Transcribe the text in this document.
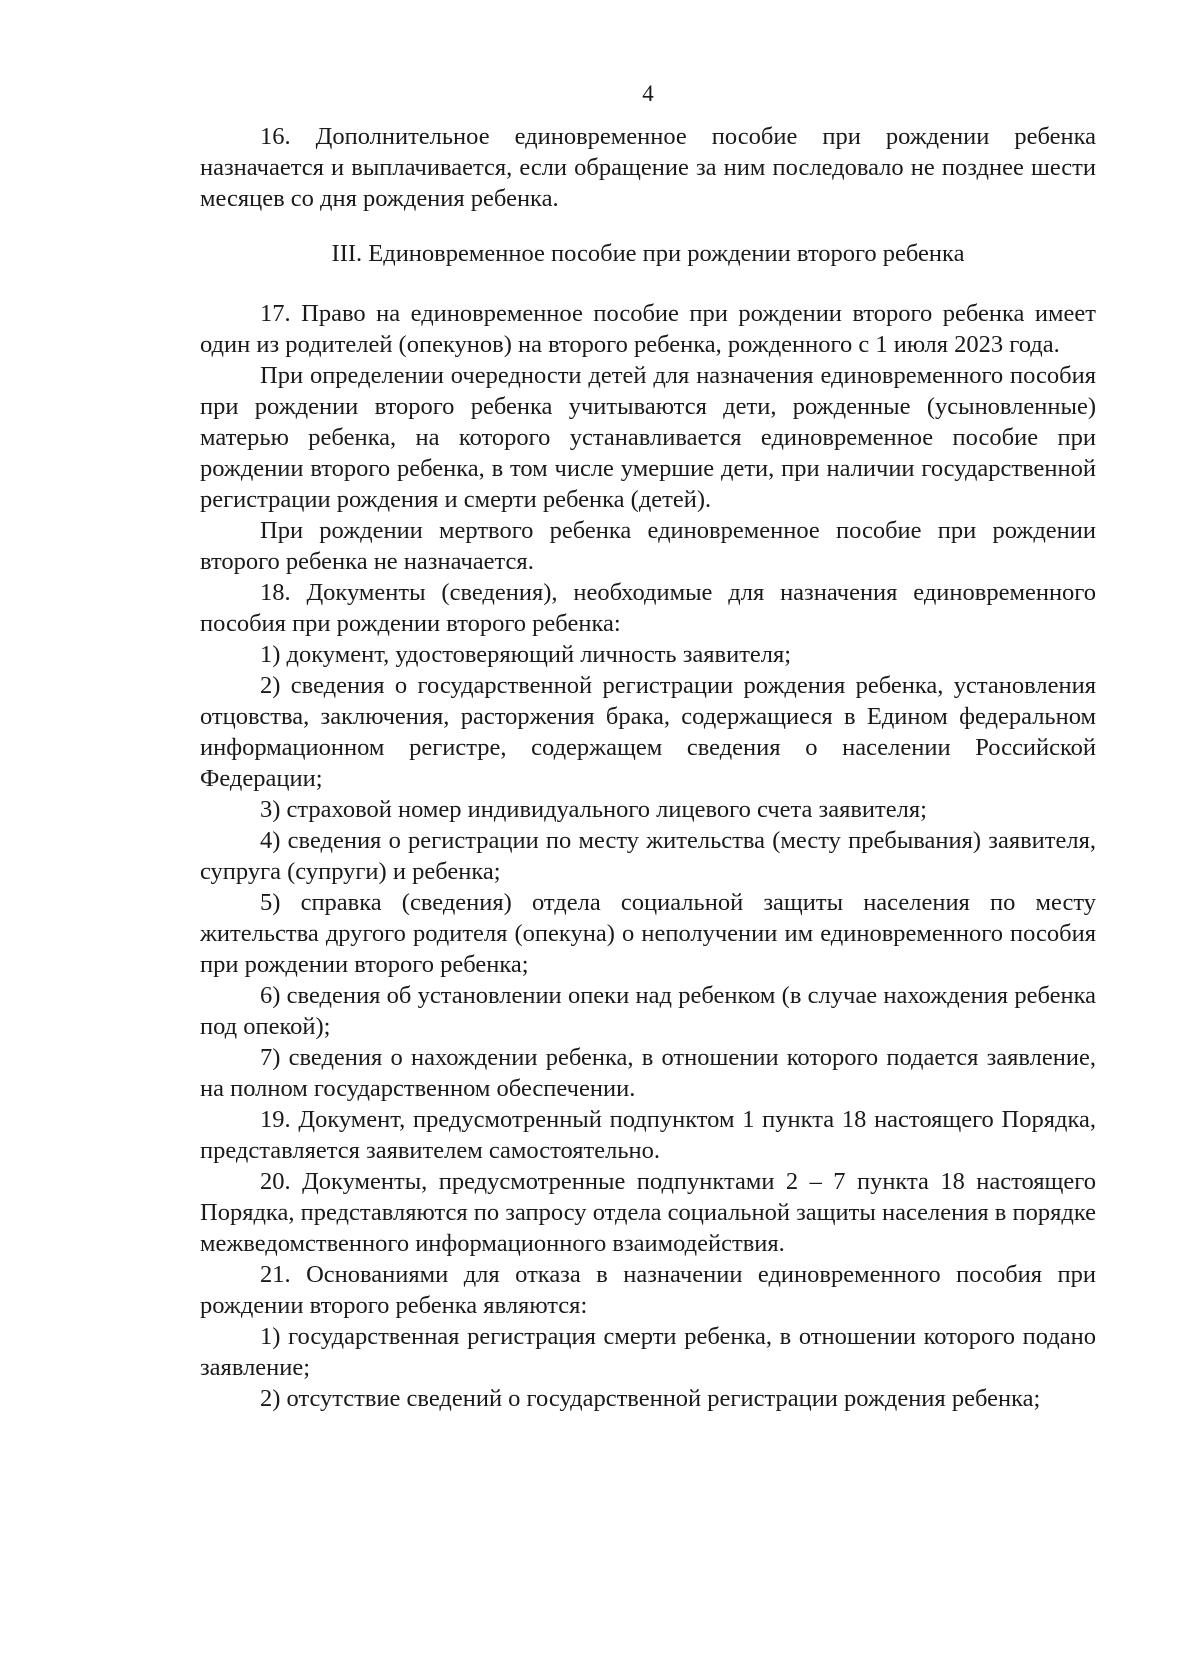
4

16. Дополнительное единовременное пособие при рождении ребенка назначается и выплачивается, если обращение за ним последовало не позднее шести месяцев со дня рождения ребенка.

III. Единовременное пособие при рождении второго ребенка

17. Право на единовременное пособие при рождении второго ребенка имеет один из родителей (опекунов) на второго ребенка, рожденного с 1 июля 2023 года.

При определении очередности детей для назначения единовременного пособия при рождении второго ребенка учитываются дети, рожденные (усыновленные) матерью ребенка, на которого устанавливается единовременное пособие при рождении второго ребенка, в том числе умершие дети, при наличии государственной регистрации рождения и смерти ребенка (детей).

При рождении мертвого ребенка единовременное пособие при рождении второго ребенка не назначается.

18. Документы (сведения), необходимые для назначения единовременного пособия при рождении второго ребенка:

1) документ, удостоверяющий личность заявителя;

2) сведения о государственной регистрации рождения ребенка, установления отцовства, заключения, расторжения брака, содержащиеся в Едином федеральном информационном регистре, содержащем сведения о населении Российской Федерации;

3) страховой номер индивидуального лицевого счета заявителя;

4) сведения о регистрации по месту жительства (месту пребывания) заявителя, супруга (супруги) и ребенка;

5) справка (сведения) отдела социальной защиты населения по месту жительства другого родителя (опекуна) о неполучении им единовременного пособия при рождении второго ребенка;

6) сведения об установлении опеки над ребенком (в случае нахождения ребенка под опекой);

7) сведения о нахождении ребенка, в отношении которого подается заявление, на полном государственном обеспечении.

19. Документ, предусмотренный подпунктом 1 пункта 18 настоящего Порядка, представляется заявителем самостоятельно.

20. Документы, предусмотренные подпунктами 2 – 7 пункта 18 настоящего Порядка, представляются по запросу отдела социальной защиты населения в порядке межведомственного информационного взаимодействия.

21. Основаниями для отказа в назначении единовременного пособия при рождении второго ребенка являются:

1) государственная регистрация смерти ребенка, в отношении которого подано заявление;

2) отсутствие сведений о государственной регистрации рождения ребенка;
